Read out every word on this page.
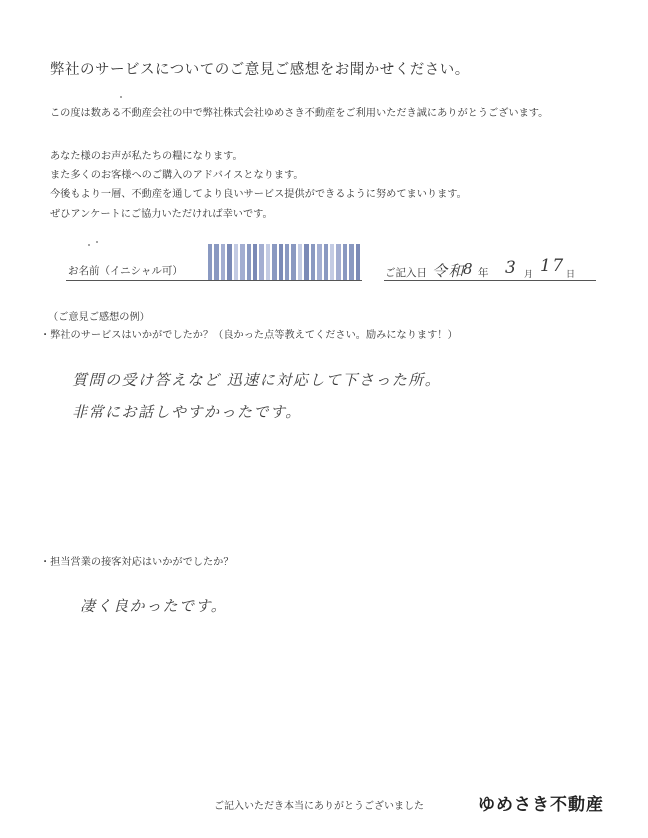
弊社のサービスについてのご意見ご感想をお聞かせください。
この度は数ある不動産会社の中で弊社株式会社ゆめさき不動産をご利用いただき誠にありがとうございます。
あなた様のお声が私たちの糧になります。
また多くのお客様へのご購入のアドバイスとなります。
今後もより一層、不動産を通してより良いサービス提供ができるように努めてまいります。
ぜひアンケートにご協力いただければ幸いです。
お名前（イニシャル可）	ご記入日 令和
8 年 3 月 17 日
（ご意見ご感想の例）
・弊社のサービスはいかがでしたか？（良かった点等教えてください。励みになります！）
質問の受け答えなど 迅速に対応して下さった所。
非常にお話しやすかったです。
・担当営業の接客対応はいかがでしたか？
凄く良かったです。
ご記入いただき本当にありがとうございました	ゆめさき不動産
